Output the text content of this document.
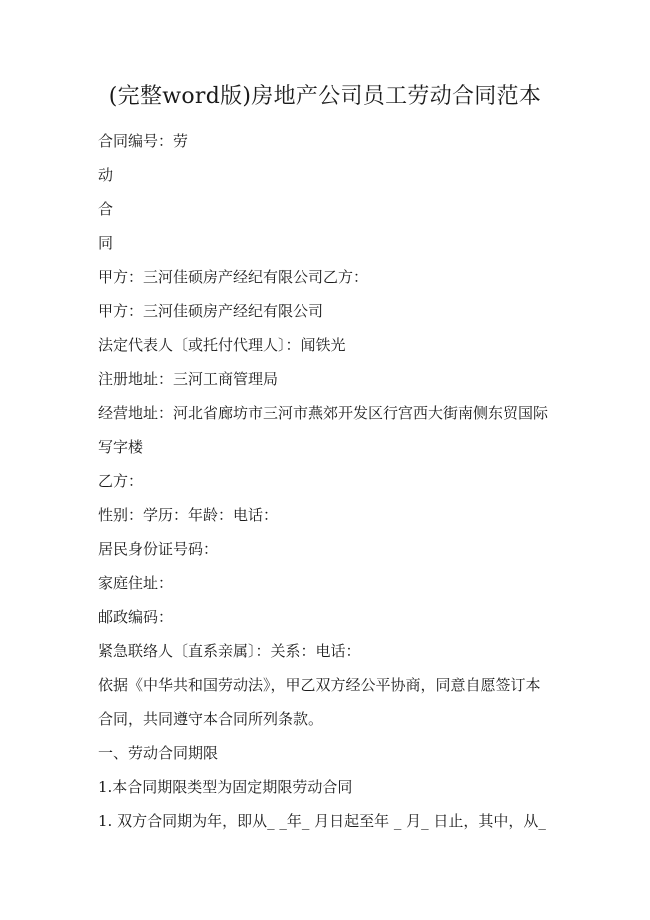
(完整word版)房地产公司员工劳动合同范本
合同编号：劳
动
合
同
甲方：三河佳硕房产经纪有限公司乙方：
甲方：三河佳硕房产经纪有限公司
法定代表人〔或托付代理人〕：闻铁光
注册地址：三河工商管理局
经营地址：河北省廊坊市三河市燕郊开发区行宫西大街南侧东贸国际
写字楼
乙方：
性别：学历：年龄：电话：
居民身份证号码：
家庭住址：
邮政编码：
紧急联络人〔直系亲属〕：关系：电话：
依据《中华共和国劳动法》，甲乙双方经公平协商，同意自愿签订本
合同，共同遵守本合同所列条款。
一、劳动合同期限
1.本合同期限类型为固定期限劳动合同
1. 双方合同期为年，即从_ _年_ 月日起至年 _ 月_ 日止，其中，从_
